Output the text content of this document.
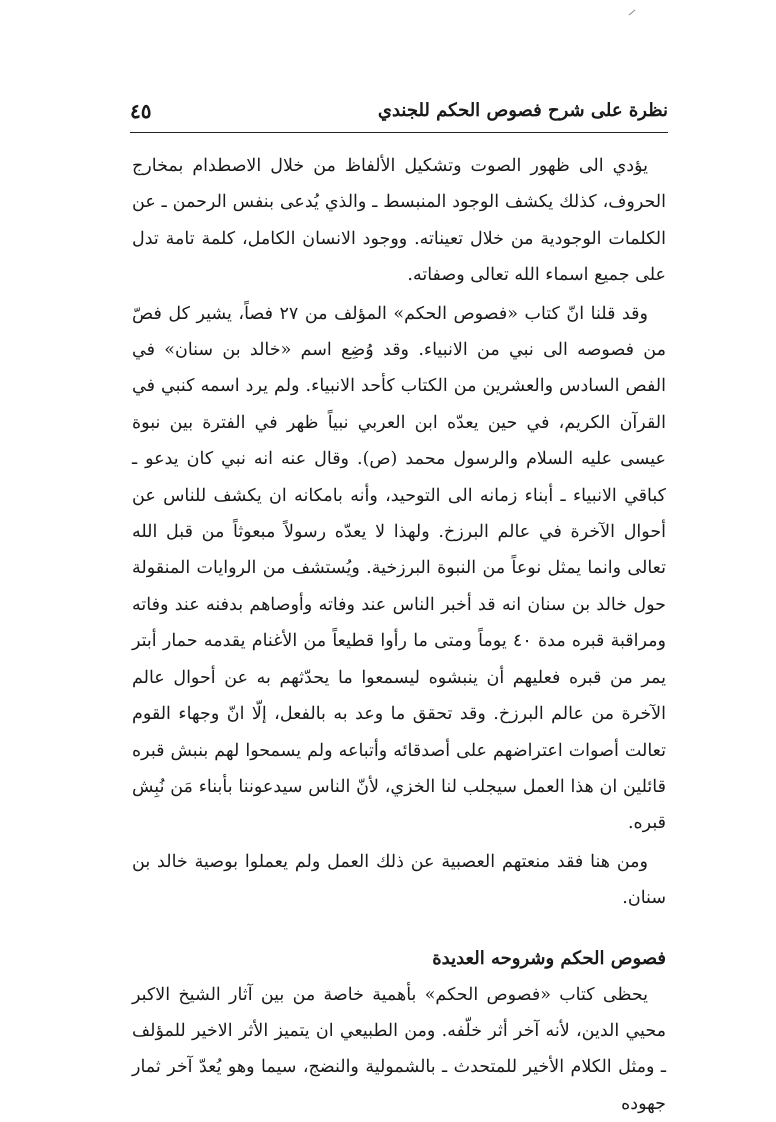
نظرة على شرح فصوص الحكم للجندي
٤٥

يؤدي الى ظهور الصوت وتشكيل الألفاظ من خلال الاصطدام بمخارج الحروف، كذلك يكشف الوجود المنبسط ـ والذي يُدعى بنفس الرحمن ـ عن الكلمات الوجودية من خلال تعيناته. ووجود الانسان الكامل، كلمة تامة تدل على جميع اسماء الله تعالى وصفاته.

وقد قلنا انّ كتاب «فصوص الحكم» المؤلف من ٢٧ فصاً، يشير كل فصّ من فصوصه الى نبي من الانبياء. وقد وُضِع اسم «خالد بن سنان» في الفص السادس والعشرين من الكتاب كأحد الانبياء. ولم يرد اسمه كنبي في القرآن الكريم، في حين يعدّه ابن العربي نبياً ظهر في الفترة بين نبوة عيسى عليه السلام والرسول محمد (ص). وقال عنه انه نبي كان يدعو ـ كباقي الانبياء ـ أبناء زمانه الى التوحيد، وأنه بامكانه ان يكشف للناس عن أحوال الآخرة في عالم البرزخ. ولهذا لا يعدّه رسولاً مبعوثاً من قبل الله تعالى وانما يمثل نوعاً من النبوة البرزخية. ويُستشف من الروايات المنقولة حول خالد بن سنان انه قد أخبر الناس عند وفاته وأوصاهم بدفنه عند وفاته ومراقبة قبره مدة ٤٠ يوماً ومتى ما رأوا قطيعاً من الأغنام يقدمه حمار أبتر يمر من قبره فعليهم أن ينبشوه ليسمعوا ما يحدّثهم به عن أحوال عالم الآخرة من عالم البرزخ. وقد تحقق ما وعد به بالفعل، إلّا انّ وجهاء القوم تعالت أصوات اعتراضهم على أصدقائه وأتباعه ولم يسمحوا لهم بنبش قبره قائلين ان هذا العمل سيجلب لنا الخزي، لأنّ الناس سيدعوننا بأبناء مَن نُبِش قبره.

ومن هنا فقد منعتهم العصبية عن ذلك العمل ولم يعملوا بوصية خالد بن سنان.

فصوص الحكم وشروحه العديدة

يحظى كتاب «فصوص الحكم» بأهمية خاصة من بين آثار الشيخ الاكبر محيي الدين، لأنه آخر أثر خلّفه. ومن الطبيعي ان يتميز الأثر الاخير للمؤلف ـ ومثل الكلام الأخير للمتحدث ـ بالشمولية والنضج، سيما وهو يُعدّ آخر ثمار جهوده
